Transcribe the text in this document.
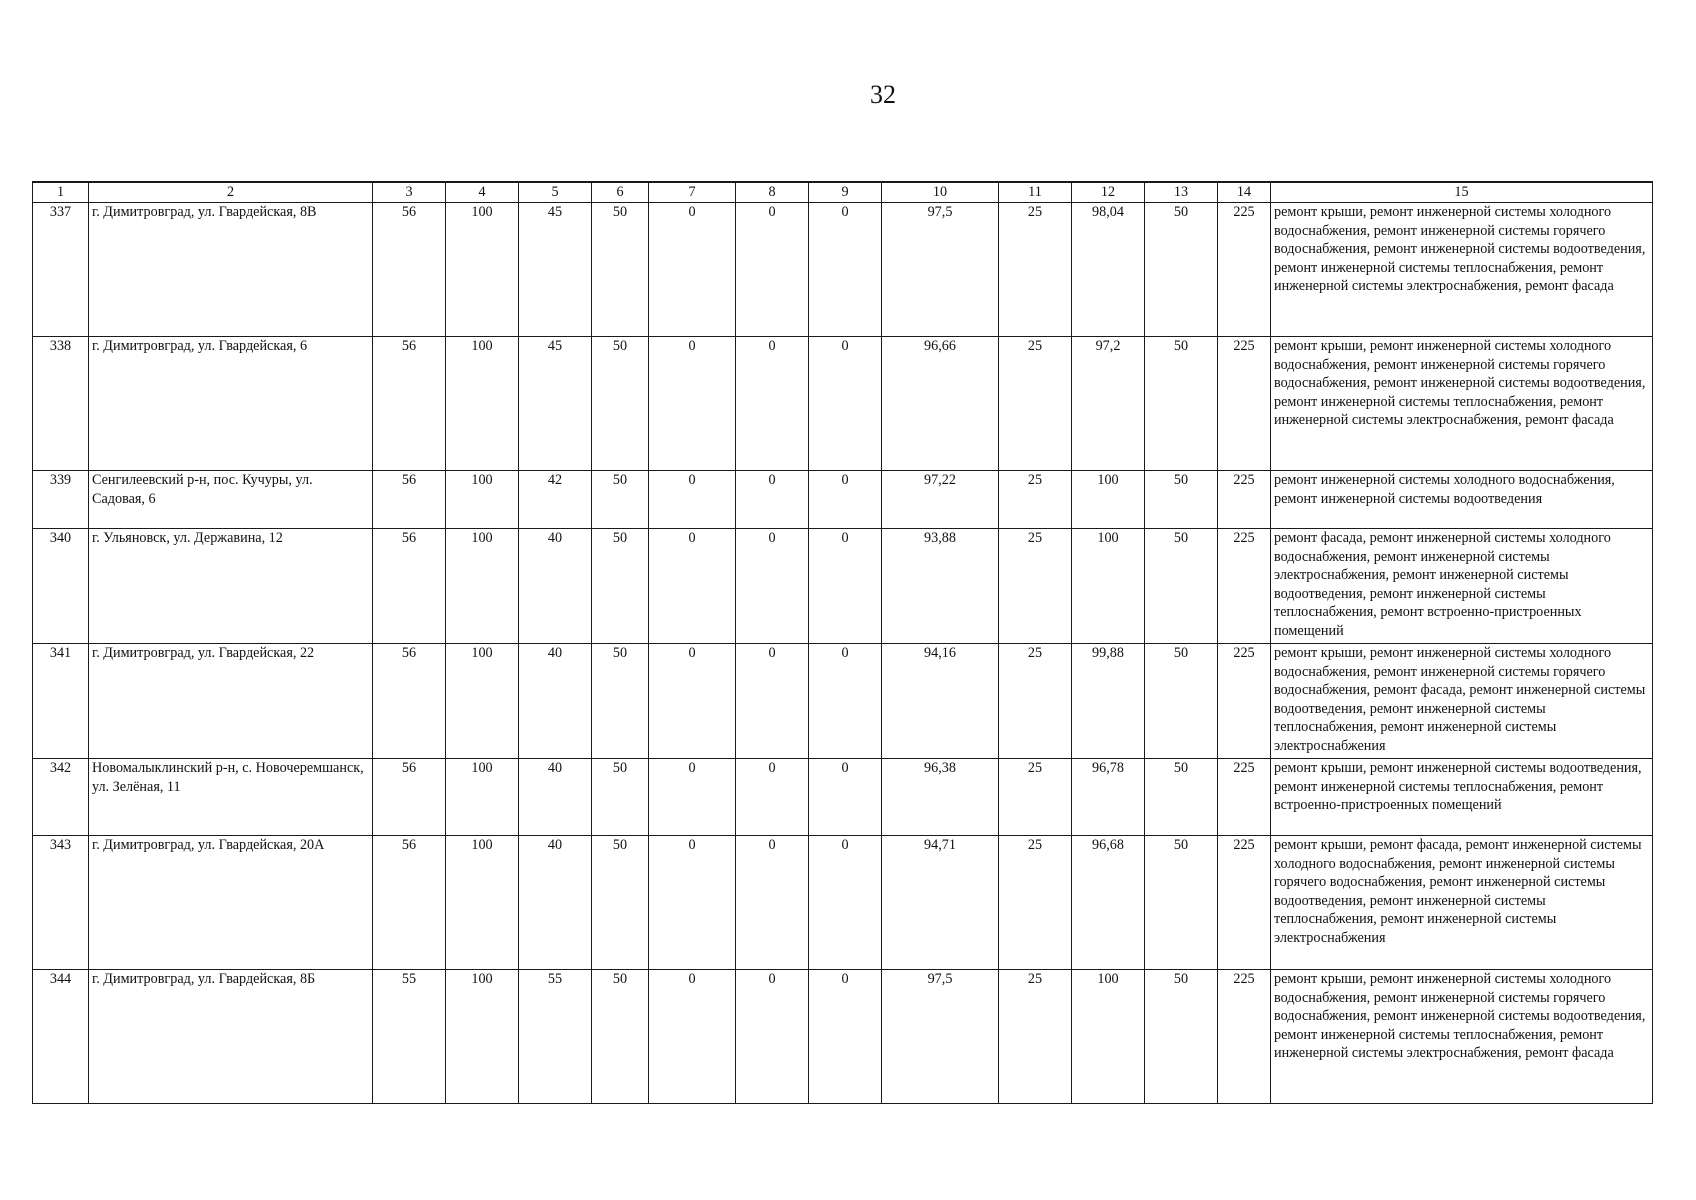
32
1	2	3	4	5	6	7	8	9	10	11	12	13	14	15
337	г. Димитровград, ул. Гвардейская, 8В	56	100	45	50	0	0	0	97,5	25	98,04	50	225	ремонт крыши, ремонт инженерной системы холодного водоснабжения, ремонт инженерной системы горячего водоснабжения, ремонт инженерной системы водоотведения, ремонт инженерной системы теплоснабжения, ремонт инженерной системы электроснабжения, ремонт фасада
338	г. Димитровград, ул. Гвардейская, 6	56	100	45	50	0	0	0	96,66	25	97,2	50	225	ремонт крыши, ремонт инженерной системы холодного водоснабжения, ремонт инженерной системы горячего водоснабжения, ремонт инженерной системы водоотведения, ремонт инженерной системы теплоснабжения, ремонт инженерной системы электроснабжения, ремонт фасада
339	Сенгилеевский р-н, пос. Кучуры, ул. Садовая, 6	56	100	42	50	0	0	0	97,22	25	100	50	225	ремонт инженерной системы холодного водоснабжения, ремонт инженерной системы водоотведения
340	г. Ульяновск, ул. Державина, 12	56	100	40	50	0	0	0	93,88	25	100	50	225	ремонт фасада, ремонт инженерной системы холодного водоснабжения, ремонт инженерной системы электроснабжения, ремонт инженерной системы водоотведения, ремонт инженерной системы теплоснабжения, ремонт встроенно-пристроенных помещений
341	г. Димитровград, ул. Гвардейская, 22	56	100	40	50	0	0	0	94,16	25	99,88	50	225	ремонт крыши, ремонт инженерной системы холодного водоснабжения, ремонт инженерной системы горячего водоснабжения, ремонт фасада, ремонт инженерной системы водоотведения, ремонт инженерной системы теплоснабжения, ремонт инженерной системы электроснабжения
342	Новомалыклинский р-н, с. Новочеремшанск, ул. Зелёная, 11	56	100	40	50	0	0	0	96,38	25	96,78	50	225	ремонт крыши, ремонт инженерной системы водоотведения, ремонт инженерной системы теплоснабжения, ремонт встроенно-пристроенных помещений
343	г. Димитровград, ул. Гвардейская, 20А	56	100	40	50	0	0	0	94,71	25	96,68	50	225	ремонт крыши, ремонт фасада, ремонт инженерной системы холодного водоснабжения, ремонт инженерной системы горячего водоснабжения, ремонт инженерной системы водоотведения, ремонт инженерной системы теплоснабжения, ремонт инженерной системы электроснабжения
344	г. Димитровград, ул. Гвардейская, 8Б	55	100	55	50	0	0	0	97,5	25	100	50	225	ремонт крыши, ремонт инженерной системы холодного водоснабжения, ремонт инженерной системы горячего водоснабжения, ремонт инженерной системы водоотведения, ремонт инженерной системы теплоснабжения, ремонт инженерной системы электроснабжения, ремонт фасада
